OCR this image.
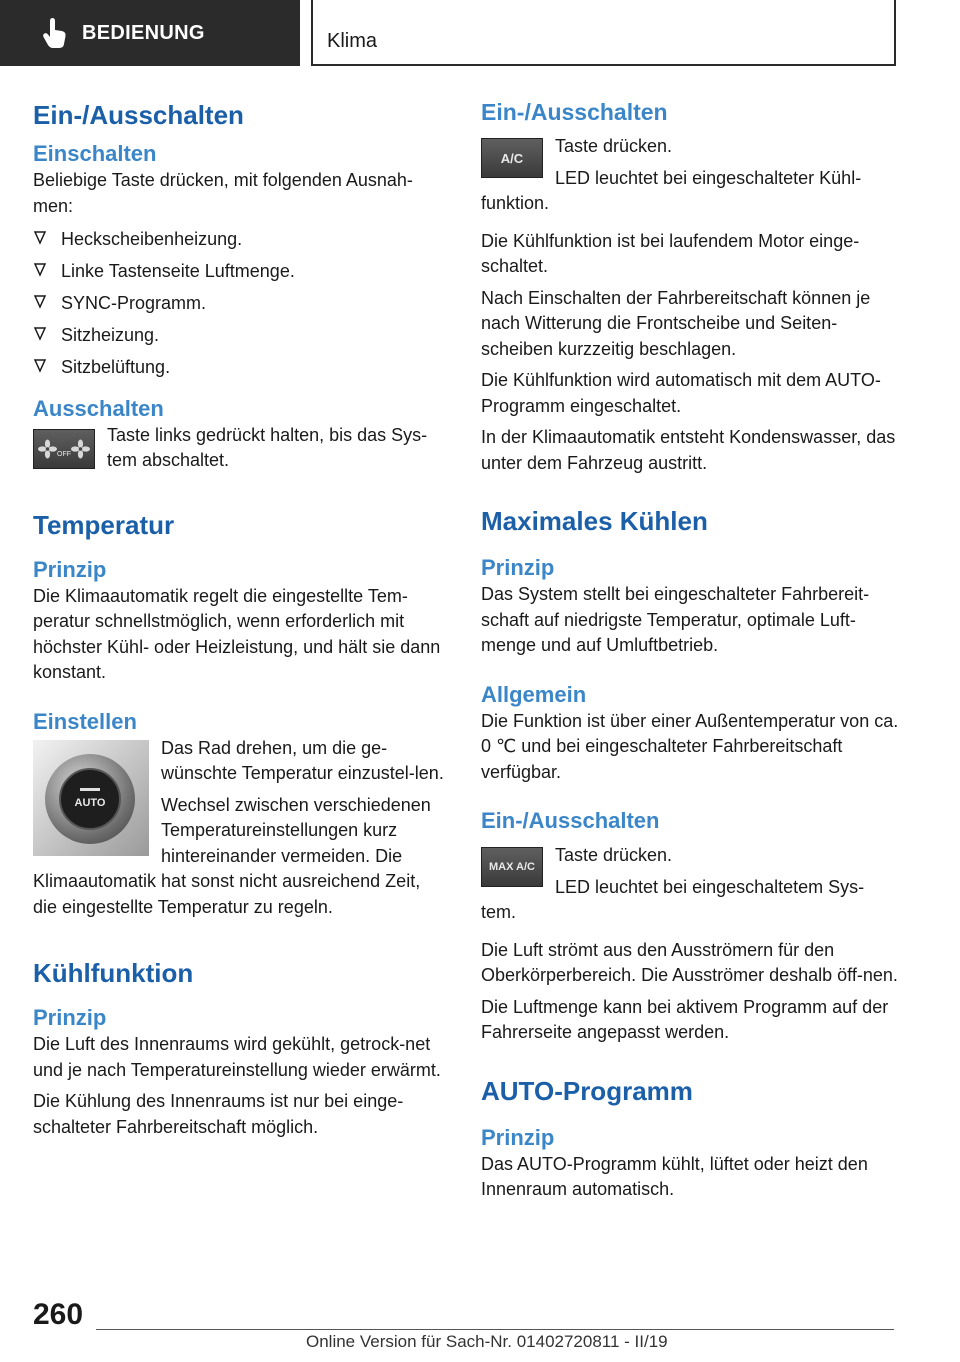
BEDIENUNG	Klima
Ein-/Ausschalten
Einschalten

Beliebige Taste drücken, mit folgenden Ausnah-men:

Heckscheibenheizung.
Linke Tastenseite Luftmenge.
SYNC-Programm.
Sitzheizung.
Sitzbelüftung.
Ausschalten
OFF

Taste links gedrückt halten, bis das Sys-tem abschaltet.

Temperatur
Prinzip

Die Klimaautomatik regelt die eingestellte Tem-peratur schnellstmöglich, wenn erforderlich mit höchster Kühl- oder Heizleistung, und hält sie dann konstant.

Einstellen
AUTO

Das Rad drehen, um die ge-wünschte Temperatur einzustel-len.

Wechsel zwischen verschiedenen Temperatureinstellungen kurz hintereinander vermeiden. Die Klimaautomatik hat sonst nicht ausreichend Zeit, die eingestellte Temperatur zu regeln.

Kühlfunktion
Prinzip

Die Luft des Innenraums wird gekühlt, getrock-net und je nach Temperatureinstellung wieder erwärmt.

Die Kühlung des Innenraums ist nur bei einge-schalteter Fahrbereitschaft möglich.

Ein-/Ausschalten
A/C

Taste drücken.

LED leuchtet bei eingeschalteter Kühl-funktion.

Die Kühlfunktion ist bei laufendem Motor einge-schaltet.

Nach Einschalten der Fahrbereitschaft können je nach Witterung die Frontscheibe und Seiten-scheiben kurzzeitig beschlagen.

Die Kühlfunktion wird automatisch mit dem AUTO-Programm eingeschaltet.

In der Klimaautomatik entsteht Kondenswasser, das unter dem Fahrzeug austritt.

Maximales Kühlen
Prinzip

Das System stellt bei eingeschalteter Fahrbereit-schaft auf niedrigste Temperatur, optimale Luft-menge und auf Umluftbetrieb.

Allgemein

Die Funktion ist über einer Außentemperatur von ca. 0 ℃ und bei eingeschalteter Fahrbereitschaft verfügbar.

Ein-/Ausschalten
MAX A/C

Taste drücken.

LED leuchtet bei eingeschaltetem Sys-tem.

Die Luft strömt aus den Ausströmern für den Oberkörperbereich. Die Ausströmer deshalb öff-nen.

Die Luftmenge kann bei aktivem Programm auf der Fahrerseite angepasst werden.

AUTO-Programm
Prinzip

Das AUTO-Programm kühlt, lüftet oder heizt den Innenraum automatisch.

260
Online Version für Sach-Nr. 01402720811 - II/19
